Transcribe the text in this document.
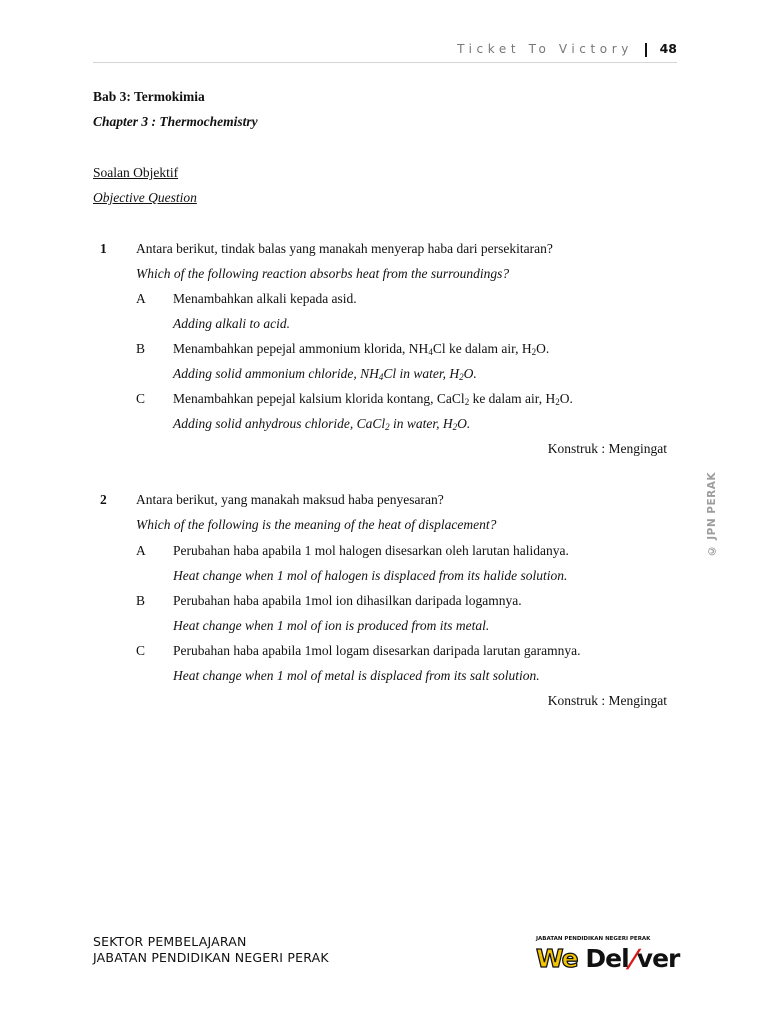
Ticket To Victory 48
Bab 3: Termokimia
Chapter 3 : Thermochemistry
Soalan Objektif
Objective Question
1 Antara berikut, tindak balas yang manakah menyerap haba dari persekitaran?
Which of the following reaction absorbs heat from the surroundings?
A Menambahkan alkali kepada asid.
Adding alkali to acid.
B Menambahkan pepejal ammonium klorida, $NH_4Cl$ ke dalam air, $H_2O$.
Adding solid ammonium chloride, $NH_4Cl$ in water, $H_2O$.
C Menambahkan pepejal kalsium klorida kontang, CaCl$_2$ ke dalam air, $H_2O$.
Adding solid anhydrous chloride, CaCl$_2$ in water, $H_2O$.
Konstruk : Mengingat
2 Antara berikut, yang manakah maksud haba penyesaran?
Which of the following is the meaning of the heat of displacement?
A Perubahan haba apabila 1 mol halogen disesarkan oleh larutan halidanya.
Heat change when 1 mol of halogen is displaced from its halide solution.
B Perubahan haba apabila 1mol ion dihasilkan daripada logamnya.
Heat change when 1 mol of ion is produced from its metal.
C Perubahan haba apabila 1mol logam disesarkan daripada larutan garamnya.
Heat change when 1 mol of metal is displaced from its salt solution.
Konstruk : Mengingat
© JPN PERAK
SEKTOR PEMBELAJARAN
JABATAN PENDIDIKAN NEGERI PERAK
JABATAN PENDIDIKAN NEGERI PERAK
We Del/ver
